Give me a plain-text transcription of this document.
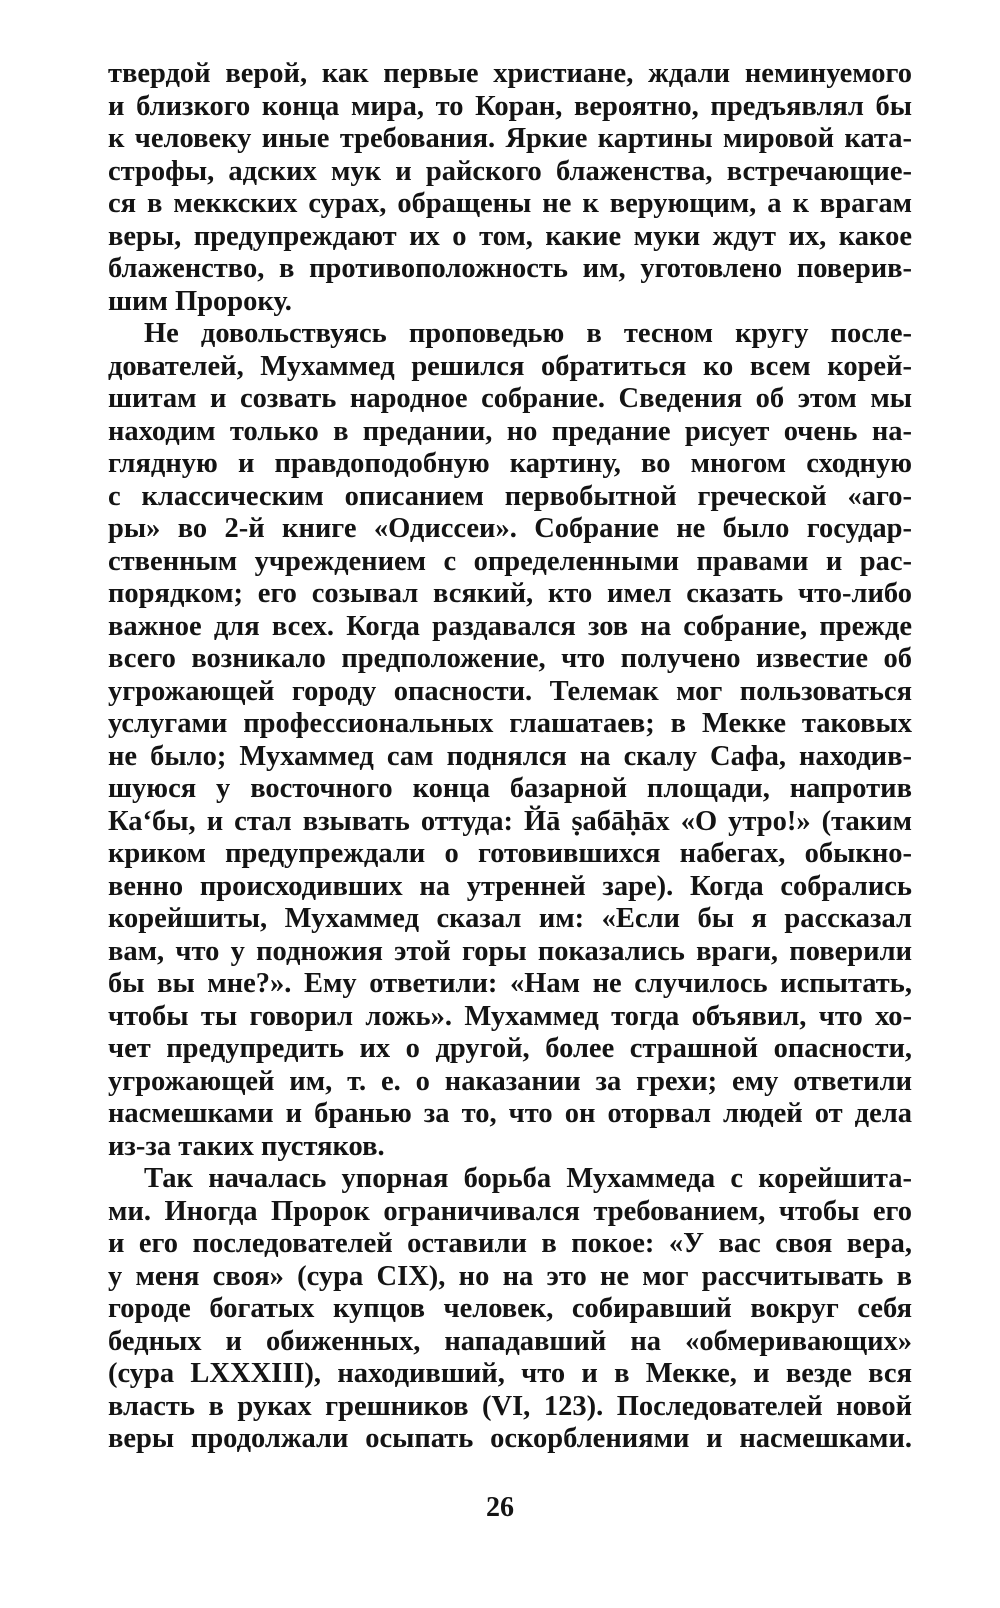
твердой верой, как первые христиане, ждали неминуемого
и близкого конца мира, то Коран, вероятно, предъявлял бы
к человеку иные требования. Яркие картины мировой ката-
строфы, адских мук и райского блаженства, встречающие-
ся в меккских сурах, обращены не к верующим, а к врагам
веры, предупреждают их о том, какие муки ждут их, какое
блаженство, в противоположность им, уготовлено поверив-
шим Пророку.
Не довольствуясь проповедью в тесном кругу после-
дователей, Мухаммед решился обратиться ко всем корей-
шитам и созвать народное собрание. Сведения об этом мы
находим только в предании, но предание рисует очень на-
глядную и правдоподобную картину, во многом сходную
с классическим описанием первобытной греческой «аго-
ры» во 2-й книге «Одиссеи». Собрание не было государ-
ственным учреждением с определенными правами и рас-
порядком; его созывал всякий, кто имел сказать что-либо
важное для всех. Когда раздавался зов на собрание, прежде
всего возникало предположение, что получено известие об
угрожающей городу опасности. Телемак мог пользоваться
услугами профессиональных глашатаев; в Мекке таковых
не было; Мухаммед сам поднялся на скалу Сафа, находив-
шуюся у восточного конца базарной площади, напротив
Ка‘бы, и стал взывать оттуда: Йā ṣабāḥāх «О утро!» (таким
криком предупреждали о готовившихся набегах, обыкно-
венно происходивших на утренней заре). Когда собрались
корейшиты, Мухаммед сказал им: «Если бы я рассказал
вам, что у подножия этой горы показались враги, поверили
бы вы мне?». Ему ответили: «Нам не случилось испытать,
чтобы ты говорил ложь». Мухаммед тогда объявил, что хо-
чет предупредить их о другой, более страшной опасности,
угрожающей им, т. е. о наказании за грехи; ему ответили
насмешками и бранью за то, что он оторвал людей от дела
из-за таких пустяков.
Так началась упорная борьба Мухаммеда с корейшита-
ми. Иногда Пророк ограничивался требованием, чтобы его
и его последователей оставили в покое: «У вас своя вера,
у меня своя» (сура CIX), но на это не мог рассчитывать в
городе богатых купцов человек, собиравший вокруг себя
бедных и обиженных, нападавший на «обмеривающих»
(сура LXXXIII), находивший, что и в Мекке, и везде вся
власть в руках грешников (VI, 123). Последователей новой
веры продолжали осыпать оскорблениями и насмешками.
26
